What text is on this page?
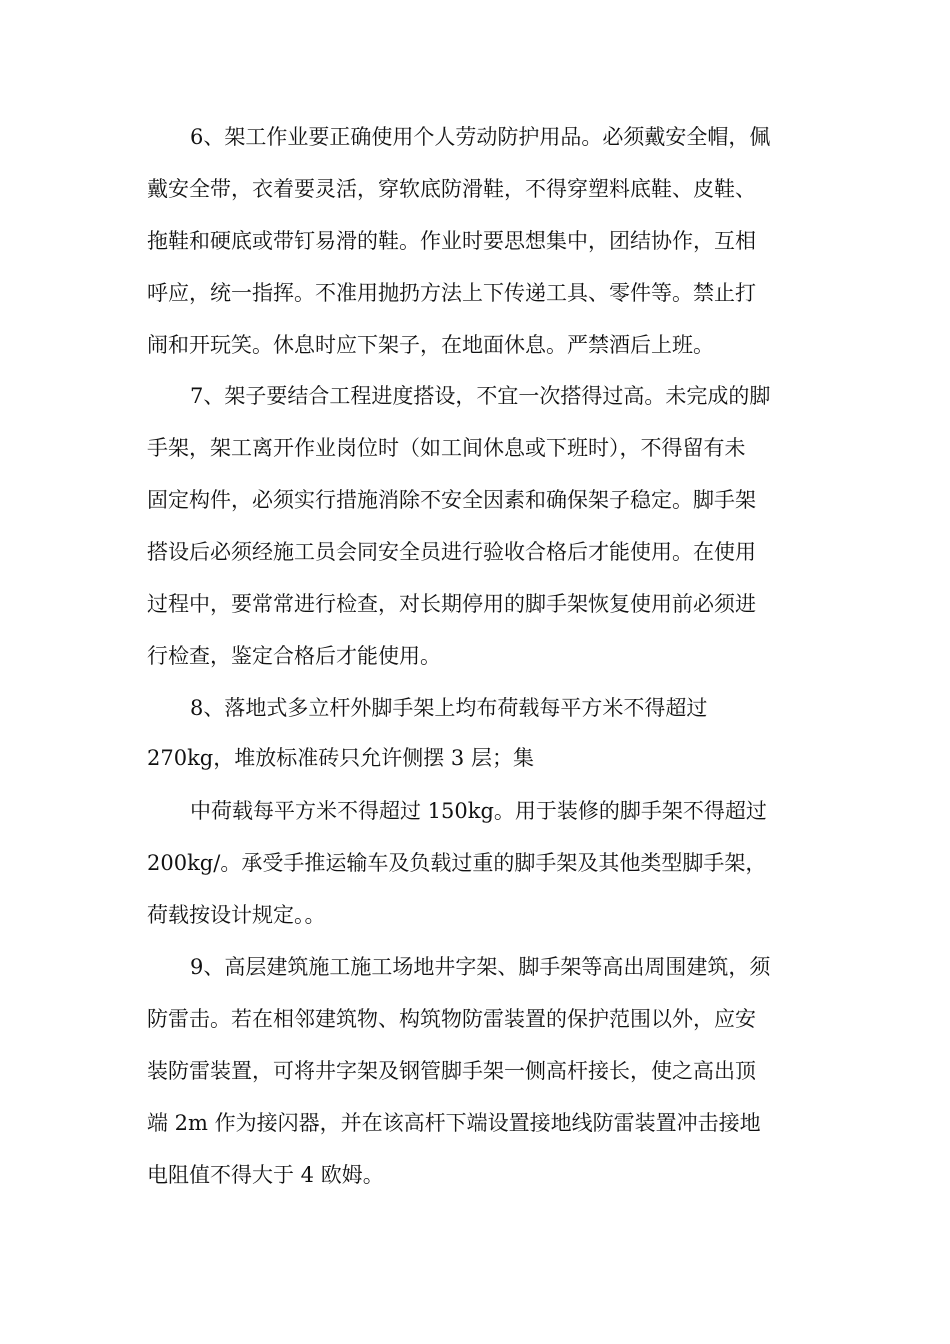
6、架工作业要正确使用个人劳动防护用品。必须戴安全帽，佩
戴安全带，衣着要灵活，穿软底防滑鞋，不得穿塑料底鞋、皮鞋、
拖鞋和硬底或带钉易滑的鞋。作业时要思想集中，团结协作，互相
呼应，统一指挥。不准用抛扔方法上下传递工具、零件等。禁止打
闹和开玩笑。休息时应下架子，在地面休息。严禁酒后上班。
7、架子要结合工程进度搭设，不宜一次搭得过高。未完成的脚
手架，架工离开作业岗位时（如工间休息或下班时），不得留有未
固定构件，必须实行措施消除不安全因素和确保架子稳定。脚手架
搭设后必须经施工员会同安全员进行验收合格后才能使用。在使用
过程中，要常常进行检查，对长期停用的脚手架恢复使用前必须进
行检查，鉴定合格后才能使用。
8、落地式多立杆外脚手架上均布荷载每平方米不得超过
270kg，堆放标准砖只允许侧摆 3 层；集
中荷载每平方米不得超过 150kg。用于装修的脚手架不得超过
200kg/。承受手推运输车及负载过重的脚手架及其他类型脚手架，
荷载按设计规定。。
9、高层建筑施工施工场地井字架、脚手架等高出周围建筑，须
防雷击。若在相邻建筑物、构筑物防雷装置的保护范围以外，应安
装防雷装置，可将井字架及钢管脚手架一侧高杆接长，使之高出顶
端 2m 作为接闪器，并在该高杆下端设置接地线防雷装置冲击接地
电阻值不得大于 4 欧姆。
